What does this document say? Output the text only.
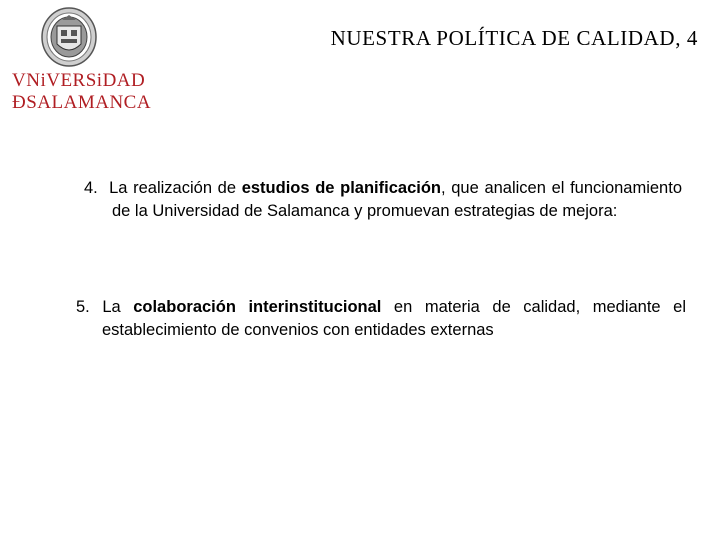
VNiVERSiDAD
ÐSALAMANCA
NUESTRA POLÍTICA DE CALIDAD, 4

4. La realización de estudios de planificación, que analicen el funcionamiento de la Universidad de Salamanca y promuevan estrategias de mejora:

5. La colaboración interinstitucional en materia de calidad, mediante el establecimiento de convenios con entidades externas
